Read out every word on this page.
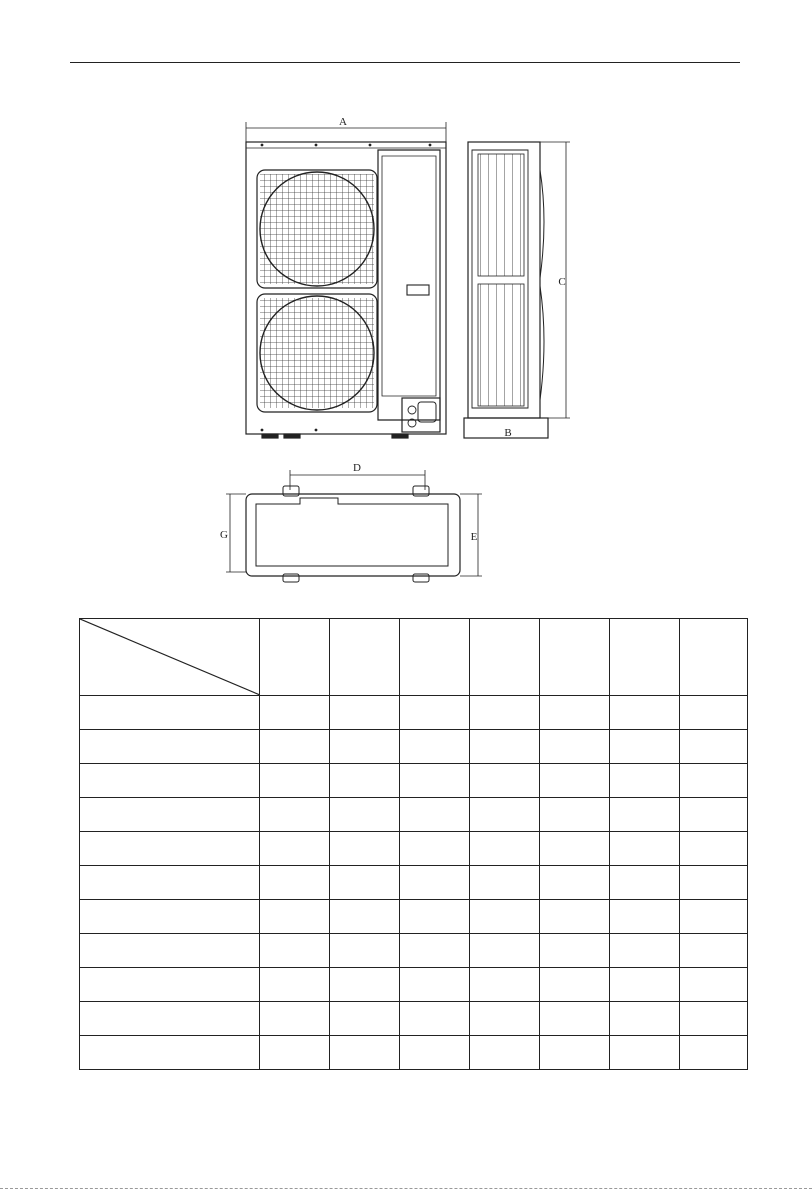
A
C
B
D
G	E
